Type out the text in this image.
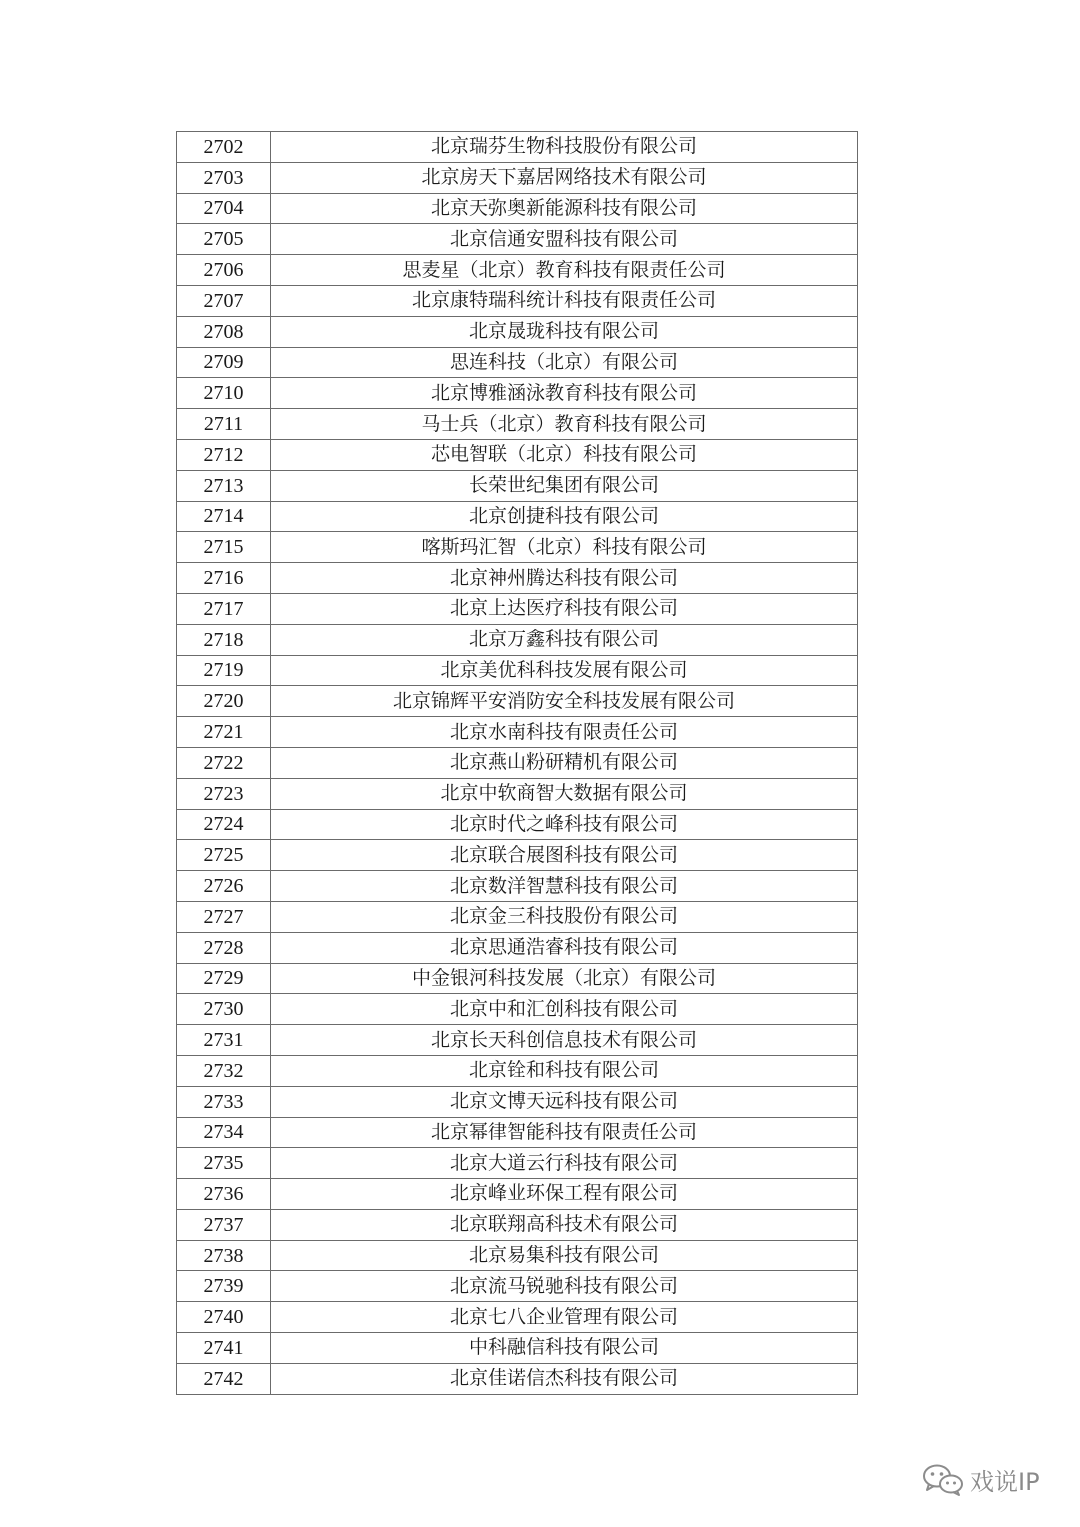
2702	北京瑞芬生物科技股份有限公司
2703	北京房天下嘉居网络技术有限公司
2704	北京天弥奥新能源科技有限公司
2705	北京信通安盟科技有限公司
2706	思麦星（北京）教育科技有限责任公司
2707	北京康特瑞科统计科技有限责任公司
2708	北京晟珑科技有限公司
2709	思连科技（北京）有限公司
2710	北京博雅涵泳教育科技有限公司
2711	马士兵（北京）教育科技有限公司
2712	芯电智联（北京）科技有限公司
2713	长荣世纪集团有限公司
2714	北京创捷科技有限公司
2715	喀斯玛汇智（北京）科技有限公司
2716	北京神州腾达科技有限公司
2717	北京上达医疗科技有限公司
2718	北京万鑫科技有限公司
2719	北京美优科科技发展有限公司
2720	北京锦辉平安消防安全科技发展有限公司
2721	北京水南科技有限责任公司
2722	北京燕山粉研精机有限公司
2723	北京中软商智大数据有限公司
2724	北京时代之峰科技有限公司
2725	北京联合展图科技有限公司
2726	北京数洋智慧科技有限公司
2727	北京金三科技股份有限公司
2728	北京思通浩睿科技有限公司
2729	中金银河科技发展（北京）有限公司
2730	北京中和汇创科技有限公司
2731	北京长天科创信息技术有限公司
2732	北京铨和科技有限公司
2733	北京文博天远科技有限公司
2734	北京幂律智能科技有限责任公司
2735	北京大道云行科技有限公司
2736	北京峰业环保工程有限公司
2737	北京联翔高科技术有限公司
2738	北京易集科技有限公司
2739	北京流马锐驰科技有限公司
2740	北京七八企业管理有限公司
2741	中科融信科技有限公司
2742	北京佳诺信杰科技有限公司
戏说IP
